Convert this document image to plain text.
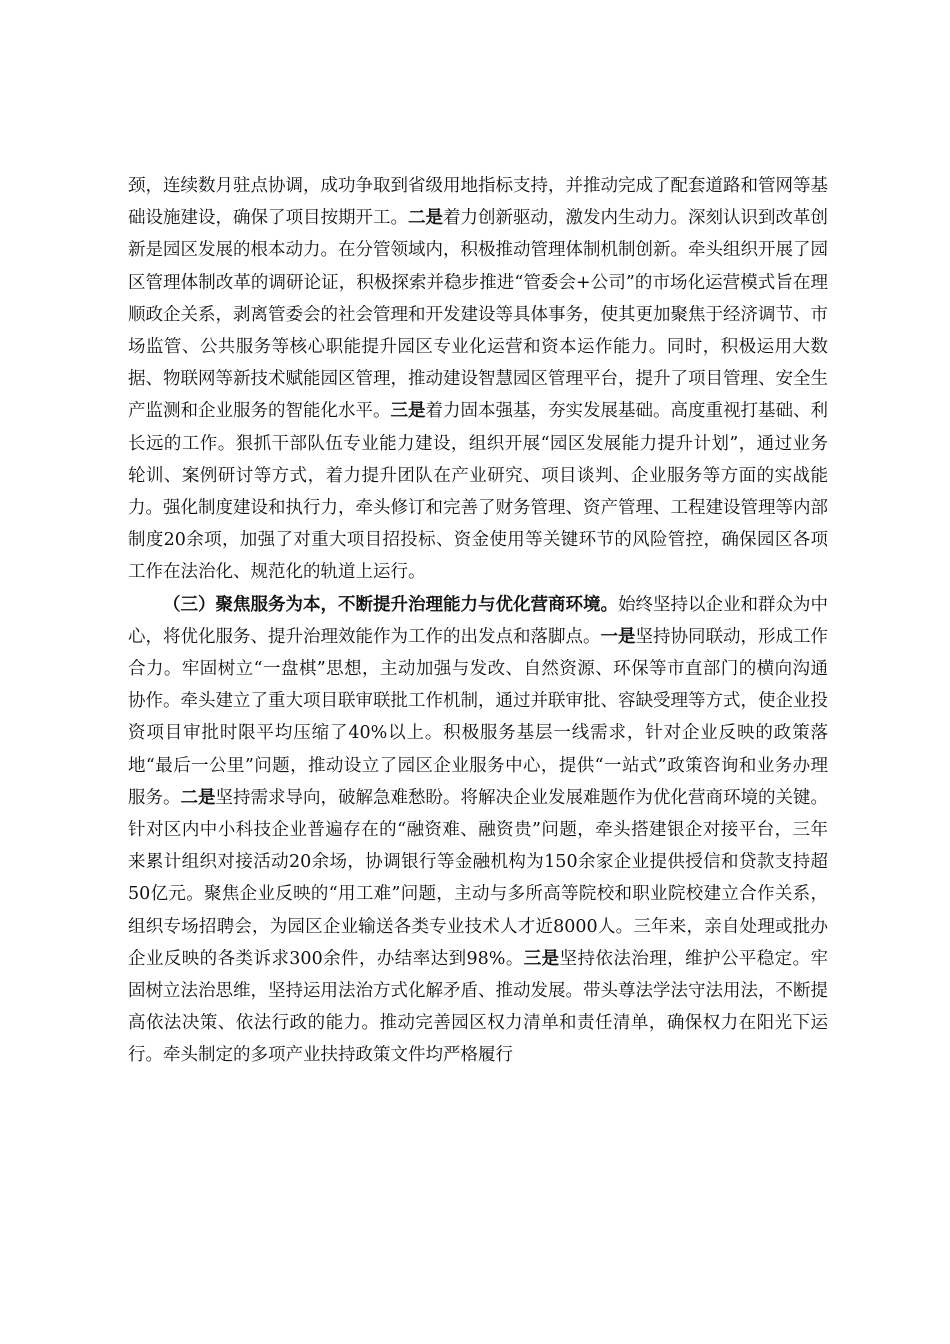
颈，连续数月驻点协调，成功争取到省级用地指标支持，并推动完成了配套道路和管网等基础设施建设，确保了项目按期开工。二是着力创新驱动，激发内生动力。深刻认识到改革创新是园区发展的根本动力。在分管领域内，积极推动管理体制机制创新。牵头组织开展了园区管理体制改革的调研论证，积极探索并稳步推进“管委会+公司”的市场化运营模式旨在理顺政企关系，剥离管委会的社会管理和开发建设等具体事务，使其更加聚焦于经济调节、市场监管、公共服务等核心职能提升园区专业化运营和资本运作能力。同时，积极运用大数据、物联网等新技术赋能园区管理，推动建设智慧园区管理平台，提升了项目管理、安全生产监测和企业服务的智能化水平。三是着力固本强基，夯实发展基础。高度重视打基础、利长远的工作。狠抓干部队伍专业能力建设，组织开展“园区发展能力提升计划”，通过业务轮训、案例研讨等方式，着力提升团队在产业研究、项目谈判、企业服务等方面的实战能力。强化制度建设和执行力，牵头修订和完善了财务管理、资产管理、工程建设管理等内部制度20余项，加强了对重大项目招投标、资金使用等关键环节的风险管控，确保园区各项工作在法治化、规范化的轨道上运行。

（三）聚焦服务为本，不断提升治理能力与优化营商环境。始终坚持以企业和群众为中心，将优化服务、提升治理效能作为工作的出发点和落脚点。一是坚持协同联动，形成工作合力。牢固树立“一盘棋”思想，主动加强与发改、自然资源、环保等市直部门的横向沟通协作。牵头建立了重大项目联审联批工作机制，通过并联审批、容缺受理等方式，使企业投资项目审批时限平均压缩了40%以上。积极服务基层一线需求，针对企业反映的政策落地“最后一公里”问题，推动设立了园区企业服务中心，提供“一站式”政策咨询和业务办理服务。二是坚持需求导向，破解急难愁盼。将解决企业发展难题作为优化营商环境的关键。针对区内中小科技企业普遍存在的“融资难、融资贵”问题，牵头搭建银企对接平台，三年来累计组织对接活动20余场，协调银行等金融机构为150余家企业提供授信和贷款支持超50亿元。聚焦企业反映的“用工难”问题，主动与多所高等院校和职业院校建立合作关系，组织专场招聘会，为园区企业输送各类专业技术人才近8000人。三年来，亲自处理或批办企业反映的各类诉求300余件，办结率达到98%。三是坚持依法治理，维护公平稳定。牢固树立法治思维，坚持运用法治方式化解矛盾、推动发展。带头尊法学法守法用法，不断提高依法决策、依法行政的能力。推动完善园区权力清单和责任清单，确保权力在阳光下运行。牵头制定的多项产业扶持政策文件均严格履行
